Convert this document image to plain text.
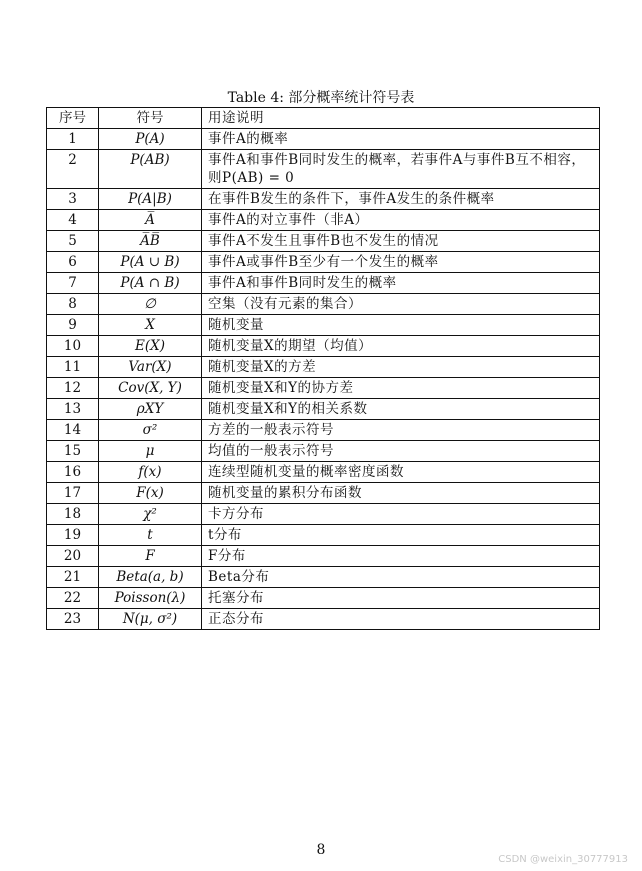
Table 4: 部分概率统计符号表
序号	符号	用途说明
1	P(A)	事件A的概率
2	P(AB)	事件A和事件B同时发生的概率，若事件A与事件B互不相容，则P(AB) = 0
3	P(A|B)	在事件B发生的条件下，事件A发生的条件概率
4	A̅	事件A的对立事件（非A）
5	A̅B̅	事件A不发生且事件B也不发生的情况
6	P(A ∪ B)	事件A或事件B至少有一个发生的概率
7	P(A ∩ B)	事件A和事件B同时发生的概率
8	∅	空集（没有元素的集合）
9	X	随机变量
10	E(X)	随机变量X的期望（均值）
11	Var(X)	随机变量X的方差
12	Cov(X, Y)	随机变量X和Y的协方差
13	ρXY	随机变量X和Y的相关系数
14	σ²	方差的一般表示符号
15	μ	均值的一般表示符号
16	f(x)	连续型随机变量的概率密度函数
17	F(x)	随机变量的累积分布函数
18	χ²	卡方分布
19	t	t分布
20	F	F分布
21	Beta(a, b)	Beta分布
22	Poisson(λ)	托塞分布
23	N(μ, σ²)	正态分布
8
CSDN @weixin_30777913
